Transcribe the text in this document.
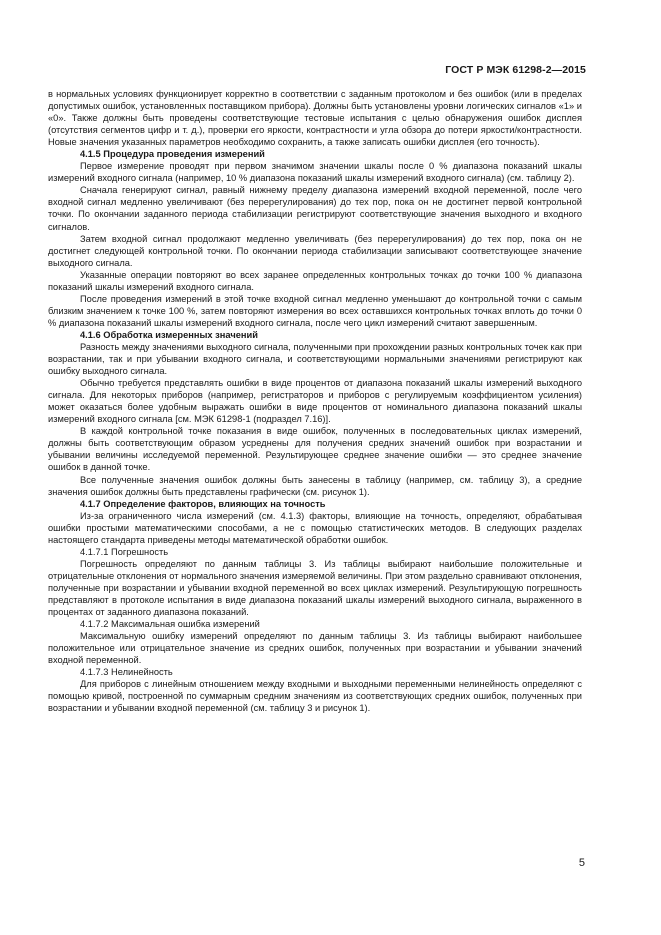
ГОСТ Р МЭК 61298-2—2015

в нормальных условиях функционирует корректно в соответствии с заданным протоколом и без ошибок (или в пределах допустимых ошибок, установленных поставщиком прибора). Должны быть установлены уровни логических сигналов «1» и «0». Также должны быть проведены соответствующие тестовые испытания с целью обнаружения ошибок дисплея (отсутствия сегментов цифр и т. д.), проверки его яркости, контрастности и угла обзора до потери яркости/контрастности. Новые значения указанных параметров необходимо сохранить, а также записать ошибки дисплея (его точность).

4.1.5 Процедура проведения измерений

Первое измерение проводят при первом значимом значении шкалы после 0 % диапазона показаний шкалы измерений входного сигнала (например, 10 % диапазона показаний шкалы измерений входного сигнала) (см. таблицу 2).

Сначала генерируют сигнал, равный нижнему пределу диапазона измерений входной переменной, после чего входной сигнал медленно увеличивают (без перерегулирования) до тех пор, пока он не достигнет первой контрольной точки. По окончании заданного периода стабилизации регистрируют соответствующие значения выходного и входного сигналов.

Затем входной сигнал продолжают медленно увеличивать (без перерегулирования) до тех пор, пока он не достигнет следующей контрольной точки. По окончании периода стабилизации записывают соответствующее значение выходного сигнала.

Указанные операции повторяют во всех заранее определенных контрольных точках до точки 100 % диапазона показаний шкалы измерений входного сигнала.

После проведения измерений в этой точке входной сигнал медленно уменьшают до контрольной точки с самым близким значением к точке 100 %, затем повторяют измерения во всех оставшихся контрольных точках вплоть до точки 0 % диапазона показаний шкалы измерений входного сигнала, после чего цикл измерений считают завершенным.

4.1.6 Обработка измеренных значений

Разность между значениями выходного сигнала, полученными при прохождении разных контрольных точек как при возрастании, так и при убывании входного сигнала, и соответствующими нормальными значениями регистрируют как ошибку выходного сигнала.

Обычно требуется представлять ошибки в виде процентов от диапазона показаний шкалы измерений выходного сигнала. Для некоторых приборов (например, регистраторов и приборов с регулируемым коэффициентом усиления) может оказаться более удобным выражать ошибки в виде процентов от номинального диапазона показаний шкалы измерений входного сигнала [см. МЭК 61298-1 (подраздел 7.16)].

В каждой контрольной точке показания в виде ошибок, полученных в последовательных циклах измерений, должны быть соответствующим образом усреднены для получения средних значений ошибок при возрастании и убывании величины исследуемой переменной. Результирующее среднее значение ошибки — это среднее значение ошибок в данной точке.

Все полученные значения ошибок должны быть занесены в таблицу (например, см. таблицу 3), а средние значения ошибок должны быть представлены графически (см. рисунок 1).

4.1.7 Определение факторов, влияющих на точность

Из-за ограниченного числа измерений (см. 4.1.3) факторы, влияющие на точность, определяют, обрабатывая ошибки простыми математическими способами, а не с помощью статистических методов. В следующих разделах настоящего стандарта приведены методы математической обработки ошибок.

4.1.7.1 Погрешность

Погрешность определяют по данным таблицы 3. Из таблицы выбирают наибольшие положительные и отрицательные отклонения от нормального значения измеряемой величины. При этом раздельно сравнивают отклонения, полученные при возрастании и убывании входной переменной во всех циклах измерений. Результирующую погрешность представляют в протоколе испытания в виде диапазона показаний шкалы измерений выходного сигнала, выраженного в процентах от заданного диапазона показаний.

4.1.7.2 Максимальная ошибка измерений

Максимальную ошибку измерений определяют по данным таблицы 3. Из таблицы выбирают наибольшее положительное или отрицательное значение из средних ошибок, полученных при возрастании и убывании значений входной переменной.

4.1.7.3 Нелинейность

Для приборов с линейным отношением между входными и выходными переменными нелинейность определяют с помощью кривой, построенной по суммарным средним значениям из соответствующих средних ошибок, полученных при возрастании и убывании входной переменной (см. таблицу 3 и рисунок 1).

5
